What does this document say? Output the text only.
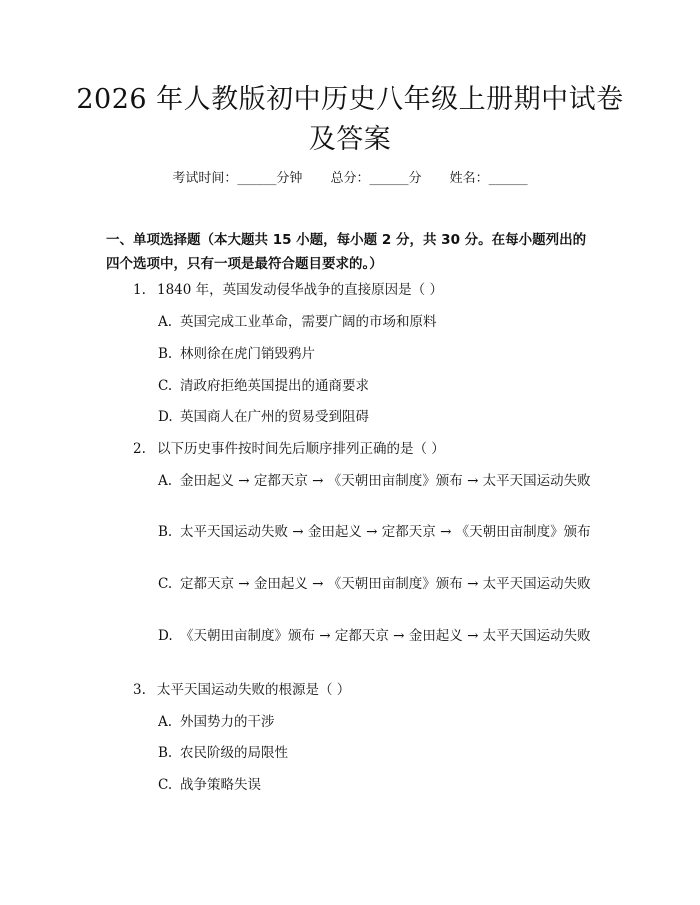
2026 年人教版初中历史八年级上册期中试卷
及答案
考试时间：______分钟 总分：______分 姓名：______
一、单项选择题（本大题共 15 小题，每小题 2 分，共 30 分。在每小题列出的四个选项中，只有一项是最符合题目要求的。）
1. 1840 年，英国发动侵华战争的直接原因是（ ）
A. 英国完成工业革命，需要广阔的市场和原料
B. 林则徐在虎门销毁鸦片
C. 清政府拒绝英国提出的通商要求
D. 英国商人在广州的贸易受到阻碍
2. 以下历史事件按时间先后顺序排列正确的是（ ）
A. 金田起义 → 定都天京 → 《天朝田亩制度》颁布 → 太平天国运动失败
B. 太平天国运动失败 → 金田起义 → 定都天京 → 《天朝田亩制度》颁布
C. 定都天京 → 金田起义 → 《天朝田亩制度》颁布 → 太平天国运动失败
D. 《天朝田亩制度》颁布 → 定都天京 → 金田起义 → 太平天国运动失败
3. 太平天国运动失败的根源是（ ）
A. 外国势力的干涉
B. 农民阶级的局限性
C. 战争策略失误
